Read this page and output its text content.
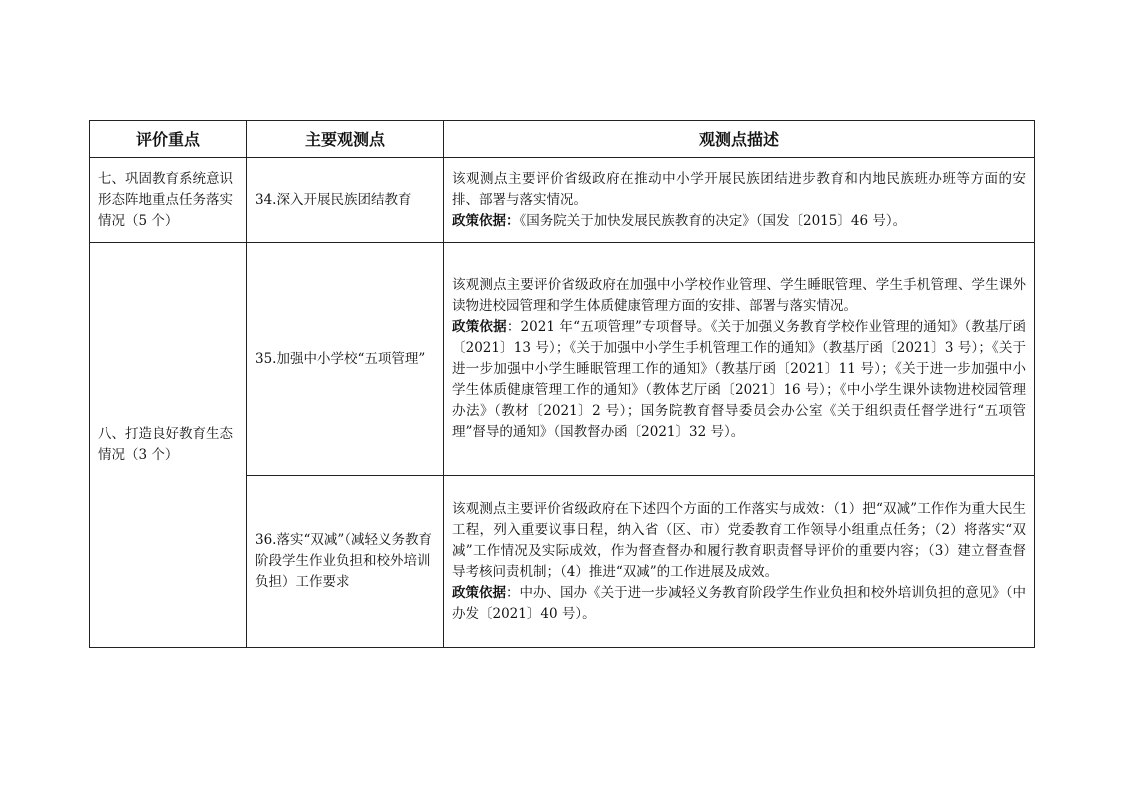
评价重点	主要观测点	观测点描述
七、巩固教育系统意识形态阵地重点任务落实情况（5 个）	34.深入开展民族团结教育	该观测点主要评价省级政府在推动中小学开展民族团结进步教育和内地民族班办班等方面的安排、部署与落实情况。

政策依据：《国务院关于加快发展民族教育的决定》（国发〔2015〕46 号）。

八、打造良好教育生态情况（3 个）	35.加强中小学校“五项管理”	该观测点主要评价省级政府在加强中小学校作业管理、学生睡眠管理、学生手机管理、学生课外读物进校园管理和学生体质健康管理方面的安排、部署与落实情况。

政策依据：2021 年“五项管理”专项督导。《关于加强义务教育学校作业管理的通知》（教基厅函〔2021〕13 号）；《关于加强中小学生手机管理工作的通知》（教基厅函〔2021〕3 号）；《关于进一步加强中小学生睡眠管理工作的通知》（教基厅函〔2021〕11 号）；《关于进一步加强中小学生体质健康管理工作的通知》（教体艺厅函〔2021〕16 号）；《中小学生课外读物进校园管理办法》（教材〔2021〕2 号）；国务院教育督导委员会办公室《关于组织责任督学进行“五项管理”督导的通知》（国教督办函〔2021〕32 号）。

	36.落实“双减”（减轻义务教育阶段学生作业负担和校外培训负担）工作要求	该观测点主要评价省级政府在下述四个方面的工作落实与成效：（1）把“双减”工作作为重大民生工程，列入重要议事日程，纳入省（区、市）党委教育工作领导小组重点任务；（2）将落实“双减”工作情况及实际成效，作为督查督办和履行教育职责督导评价的重要内容；（3）建立督查督导考核问责机制；（4）推进“双减”的工作进展及成效。

政策依据：中办、国办《关于进一步减轻义务教育阶段学生作业负担和校外培训负担的意见》（中办发〔2021〕40 号）。
